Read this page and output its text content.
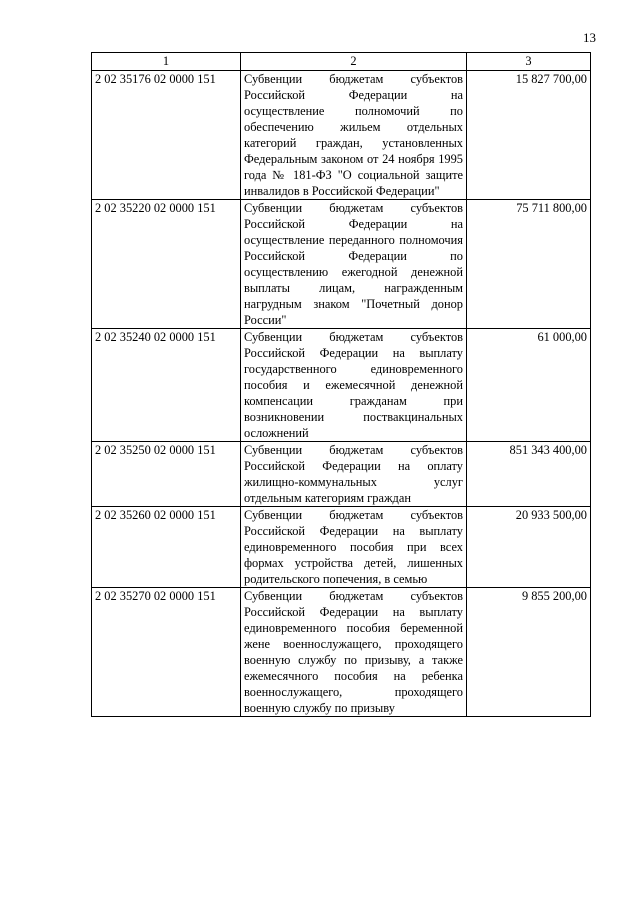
13
1	2	3
2 02 35176 02 0000 151	Субвенции бюджетам субъектов Российской Федерации на осуществление полномочий по обеспечению жильем отдельных категорий граждан, установленных Федеральным законом от 24 ноября 1995 года № 181-ФЗ "О социальной защите инвалидов в Российской Федерации"	15 827 700,00
2 02 35220 02 0000 151	Субвенции бюджетам субъектов Российской Федерации на осуществление переданного полномочия Российской Федерации по осуществлению ежегодной денежной выплаты лицам, награжденным нагрудным знаком "Почетный донор России"	75 711 800,00
2 02 35240 02 0000 151	Субвенции бюджетам субъектов Российской Федерации на выплату государственного единовременного пособия и ежемесячной денежной компенсации гражданам при возникновении поствакцинальных осложнений	61 000,00
2 02 35250 02 0000 151	Субвенции бюджетам субъектов Российской Федерации на оплату жилищно-коммунальных услуг отдельным категориям граждан	851 343 400,00
2 02 35260 02 0000 151	Субвенции бюджетам субъектов Российской Федерации на выплату единовременного пособия при всех формах устройства детей, лишенных родительского попечения, в семью	20 933 500,00
2 02 35270 02 0000 151	Субвенции бюджетам субъектов Российской Федерации на выплату единовременного пособия беременной жене военнослужащего, проходящего военную службу по призыву, а также ежемесячного пособия на ребенка военнослужащего, проходящего военную службу по призыву	9 855 200,00
